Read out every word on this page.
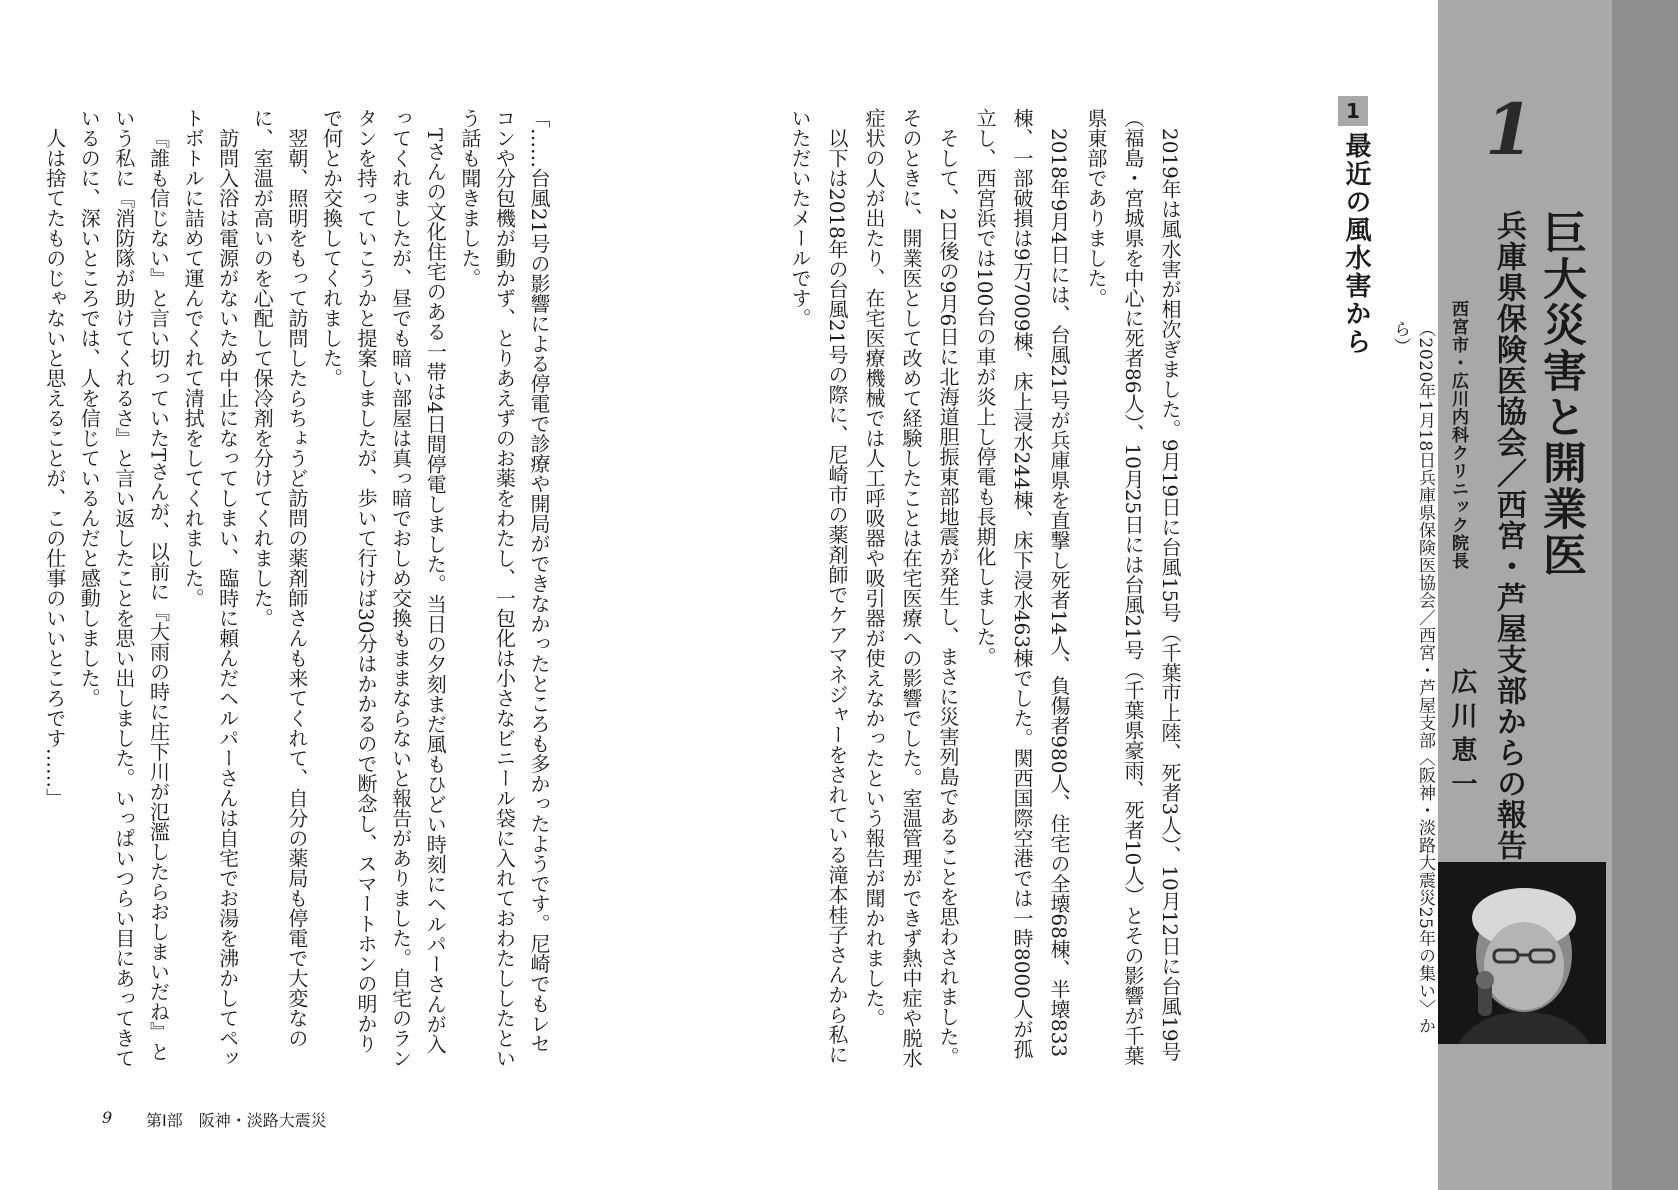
1
巨大災害と開業医
兵庫県保険医協会／西宮・芦屋支部からの報告
西宮市・広川内科クリニック院長
広川恵一
（2020年1月18日兵庫県保険医協会／西宮・芦屋支部〈阪神・淡路大震災25年の集い〉から）
1
最近の風水害から

2019年は風水害が相次ぎました。9月19日に台風15号（千葉市上陸、死者3人）、10月12日に台風19号（福島・宮城県を中心に死者86人）、10月25日には台風21号（千葉県豪雨、死者10人）とその影響が千葉県東部でありました。

2018年9月4日には、台風21号が兵庫県を直撃し死者14人、負傷者980人、住宅の全壊68棟、半壊833棟、一部破損は9万7009棟、床上浸水244棟、床下浸水463棟でした。関西国際空港では一時8000人が孤立し、西宮浜では100台の車が炎上し停電も長期化しました。

そして、2日後の9月6日に北海道胆振東部地震が発生し、まさに災害列島であることを思わされました。そのときに、開業医として改めて経験したことは在宅医療への影響でした。室温管理ができず熱中症や脱水症状の人が出たり、在宅医療機械では人工呼吸器や吸引器が使えなかったという報告が聞かれました。

以下は2018年の台風21号の際に、尼崎市の薬剤師でケアマネジャーをされている滝本桂子さんから私にいただいたメールです。

「……台風21号の影響による停電で診療や開局ができなかったところも多かったようです。尼崎でもレセコンや分包機が動かず、とりあえずのお薬をわたし、一包化は小さなビニール袋に入れておわたししたという話も聞きました。

Tさんの文化住宅のある一帯は4日間停電しました。当日の夕刻まだ風もひどい時刻にヘルパーさんが入ってくれましたが、昼でも暗い部屋は真っ暗でおしめ交換もままならないと報告がありました。自宅のランタンを持っていこうかと提案しましたが、歩いて行けば30分はかかるので断念し、スマートホンの明かりで何とか交換してくれました。

翌朝、照明をもって訪問したらちょうど訪問の薬剤師さんも来てくれて、自分の薬局も停電で大変なのに、室温が高いのを心配して保冷剤を分けてくれました。

訪問入浴は電源がないため中止になってしまい、臨時に頼んだヘルパーさんは自宅でお湯を沸かしてペットボトルに詰めて運んでくれて清拭をしてくれました。

『誰も信じない』と言い切っていたTさんが、以前に『大雨の時に庄下川が氾濫したらおしまいだね』という私に『消防隊が助けてくれるさ』と言い返したことを思い出しました。いっぱいつらい目にあってきているのに、深いところでは、人を信じているんだと感動しました。

人は捨てたものじゃないと思えることが、この仕事のいいところです……」

9 第Ⅰ部　阪神・淡路大震災
